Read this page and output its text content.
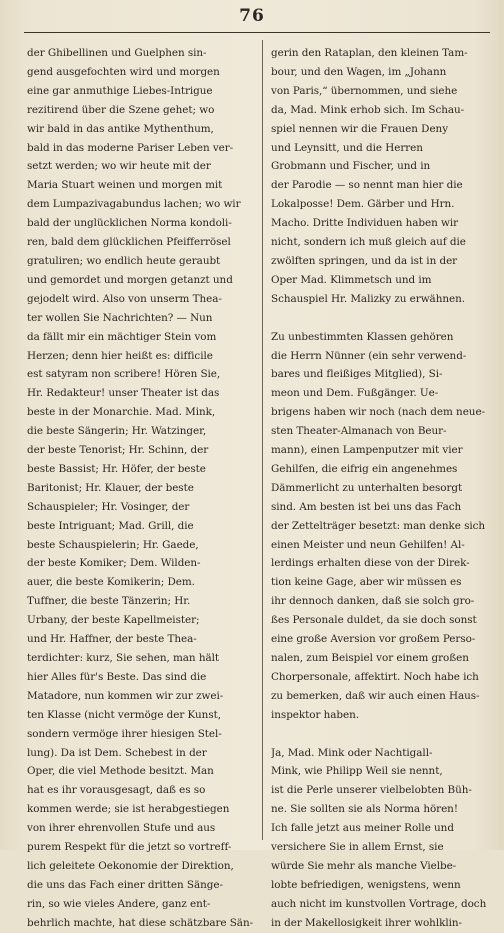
76
der Ghibellinen und Guelphen sin-
gend ausgefochten wird und morgen
eine gar anmuthige Liebes-Intrigue
rezitirend über die Szene gehet; wo
wir bald in das antike Mythenthum,
bald in das moderne Pariser Leben ver-
setzt werden; wo wir heute mit der
Maria Stuart weinen und morgen mit
dem Lumpazivagabundus lachen; wo wir
bald der unglücklichen Norma kondoli-
ren, bald dem glücklichen Pfeifferrösel
gratuliren; wo endlich heute geraubt
und gemordet und morgen getanzt und
gejodelt wird. Also von unserm Thea-
ter wollen Sie Nachrichten? — Nun
da fällt mir ein mächtiger Stein vom
Herzen; denn hier heißt es: difficile
est satyram non scribere! Hören Sie,
Hr. Redakteur! unser Theater ist das
beste in der Monarchie. Mad. Mink,
die beste Sängerin; Hr. Watzinger,
der beste Tenorist; Hr. Schinn, der
beste Bassist; Hr. Höfer, der beste
Baritonist; Hr. Klauer, der beste
Schauspieler; Hr. Vosinger, der
beste Intriguant; Mad. Grill, die
beste Schauspielerin; Hr. Gaede,
der beste Komiker; Dem. Wilden-
auer, die beste Komikerin; Dem.
Tuffner, die beste Tänzerin; Hr.
Urbany, der beste Kapellmeister;
und Hr. Haffner, der beste Thea-
terdichter: kurz, Sie sehen, man hält
hier Alles für's Beste. Das sind die
Matadore, nun kommen wir zur zwei-
ten Klasse (nicht vermöge der Kunst,
sondern vermöge ihrer hiesigen Stel-
lung). Da ist Dem. Schebest in der
Oper, die viel Methode besitzt. Man
hat es ihr vorausgesagt, daß es so
kommen werde; sie ist herabgestiegen
von ihrer ehrenvollen Stufe und aus
purem Respekt für die jetzt so vortreff-
lich geleitete Oekonomie der Direktion,
die uns das Fach einer dritten Sänge-
rin, so wie vieles Andere, ganz ent-
behrlich machte, hat diese schätzbare Sän-
gerin den Rataplan, den kleinen Tam-
bour, und den Wagen, im „Johann
von Paris,“ übernommen, und siehe
da, Mad. Mink erhob sich. Im Schau-
spiel nennen wir die Frauen Deny
und Leynsitt, und die Herren
Grobmann und Fischer, und in
der Parodie — so nennt man hier die
Lokalposse! Dem. Gärber und Hrn.
Macho. Dritte Individuen haben wir
nicht, sondern ich muß gleich auf die
zwölften springen, und da ist in der
Oper Mad. Klimmetsch und im
Schauspiel Hr. Malizky zu erwähnen.
Zu unbestimmten Klassen gehören
die Herrn Nünner (ein sehr verwend-
bares und fleißiges Mitglied), Si-
meon und Dem. Fußgänger. Ue-
brigens haben wir noch (nach dem neue-
sten Theater-Almanach von Beur-
mann), einen Lampenputzer mit vier
Gehilfen, die eifrig ein angenehmes
Dämmerlicht zu unterhalten besorgt
sind. Am besten ist bei uns das Fach
der Zettelträger besetzt: man denke sich
einen Meister und neun Gehilfen! Al-
lerdings erhalten diese von der Direk-
tion keine Gage, aber wir müssen es
ihr dennoch danken, daß sie solch gro-
ßes Personale duldet, da sie doch sonst
eine große Aversion vor großem Perso-
nalen, zum Beispiel vor einem großen
Chorpersonale, affektirt. Noch habe ich
zu bemerken, daß wir auch einen Haus-
inspektor haben.
Ja, Mad. Mink oder Nachtigall-
Mink, wie Philipp Weil sie nennt,
ist die Perle unserer vielbelobten Büh-
ne. Sie sollten sie als Norma hören!
Ich falle jetzt aus meiner Rolle und
versichere Sie in allem Ernst, sie
würde Sie mehr als manche Vielbe-
lobte befriedigen, wenigstens, wenn
auch nicht im kunstvollen Vortrage, doch
in der Makellosigkeit ihrer wohlklin-
